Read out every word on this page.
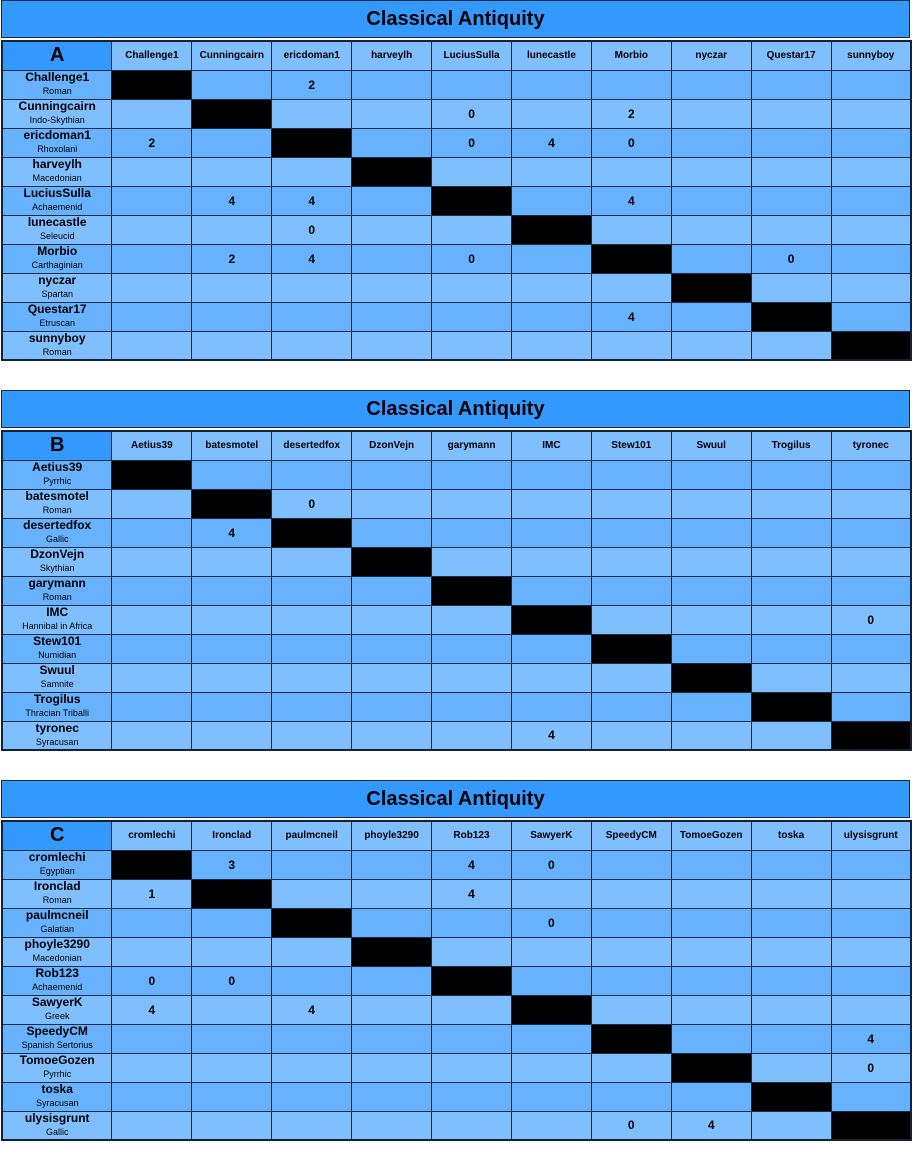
Classical Antiquity
A	Challenge1	Cunningcairn	ericdoman1	harveylh	LuciusSulla	lunecastle	Morbio	nyczar	Questar17	sunnyboy

Challenge1
Roman			2							

Cunningcairn
Indo-Skythian					0		2			

ericdoman1
Rhoxolani	2				0	4	0			

harveylh
Macedonian										

LuciusSulla
Achaemenid		4	4				4			

lunecastle
Seleucid			0							

Morbio
Carthaginian		2	4		0				0	

nyczar
Spartan										

Questar17
Etruscan							4			

sunnyboy
Roman										

Classical Antiquity
B	Aetius39	batesmotel	desertedfox	DzonVejn	garymann	IMC	Stew101	Swuul	Trogilus	tyronec

Aetius39
Pyrrhic										

batesmotel
Roman			0							

desertedfox
Gallic		4								

DzonVejn
Skythian										

garymann
Roman										

IMC
Hannibal in Africa										0

Stew101
Numidian										

Swuul
Samnite										

Trogilus
Thracian Triballi										

tyronec
Syracusan						4				
Classical Antiquity
C	cromlechi	Ironclad	paulmcneil	phoyle3290	Rob123	SawyerK	SpeedyCM	TomoeGozen	toska	ulysisgrunt

cromlechi
Egyptian		3			4	0				

Ironclad
Roman	1				4					

paulmcneil
Galatian						0				

phoyle3290
Macedonian										

Rob123
Achaemenid	0	0								

SawyerK
Greek	4		4							

SpeedyCM
Spanish Sertorius										4

TomoeGozen
Pyrrhic										0

toska
Syracusan										

ulysisgrunt
Gallic							0	4		
